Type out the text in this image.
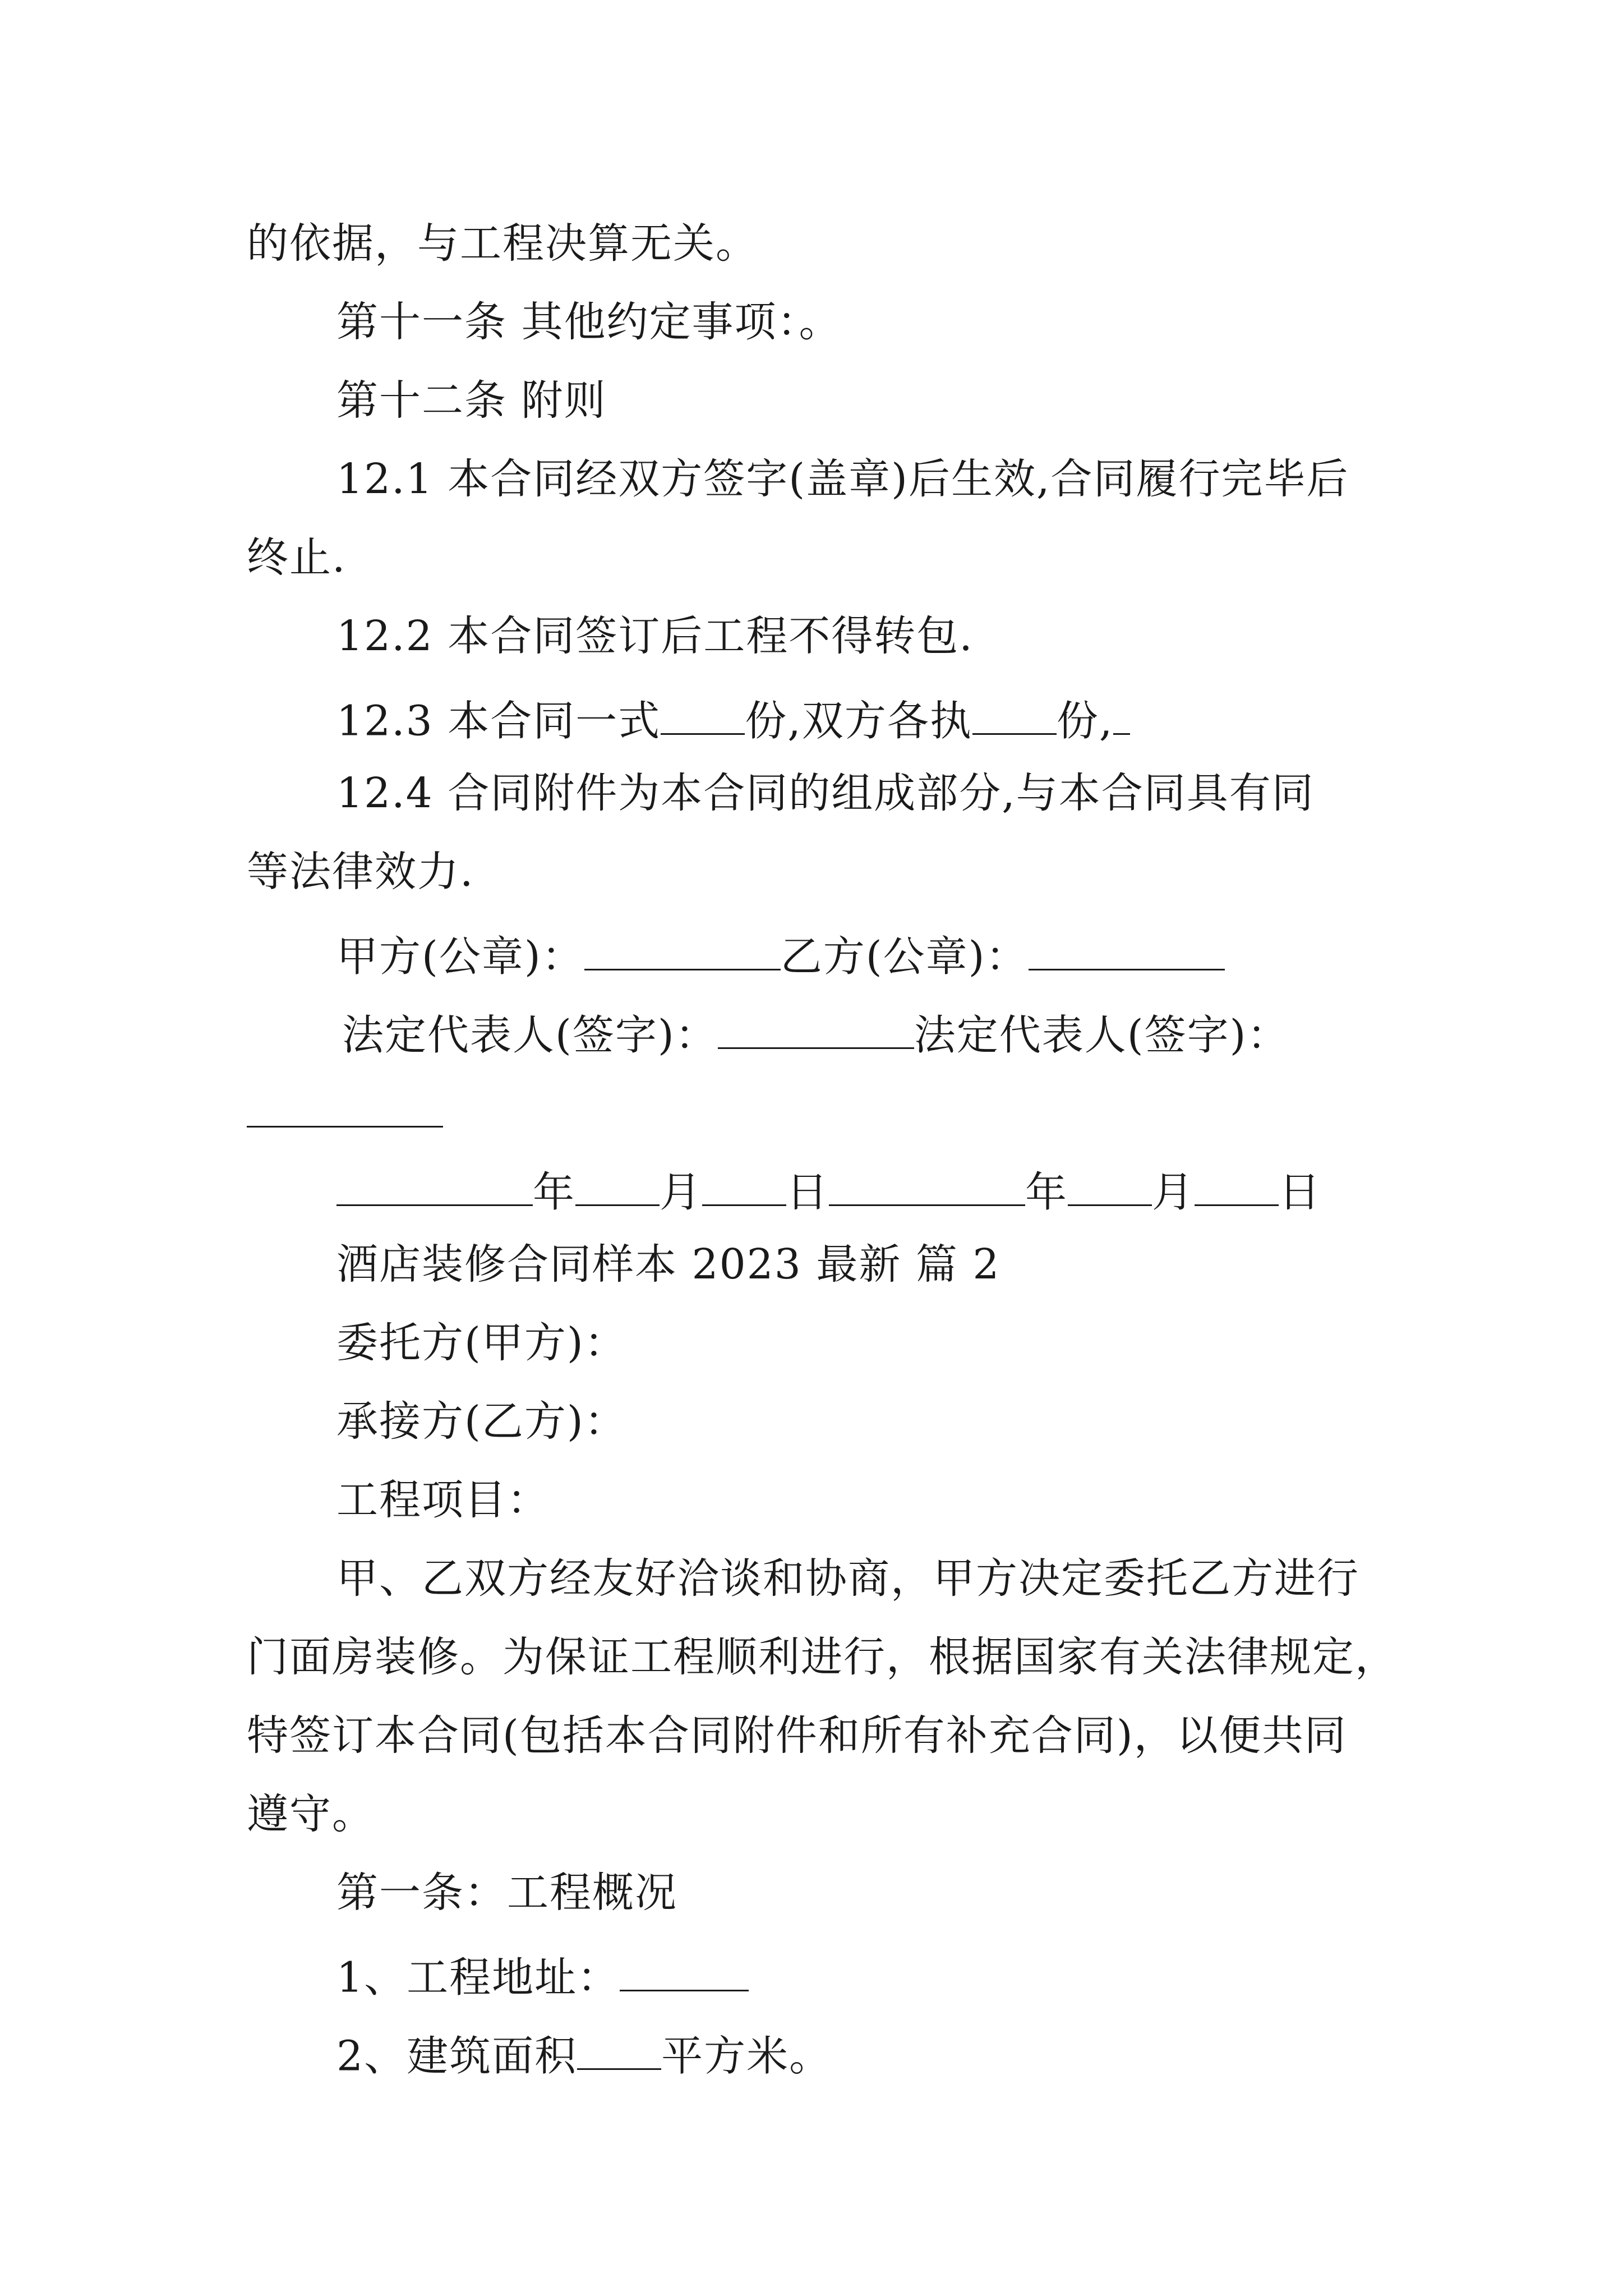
的依据，与工程决算无关。
第十一条 其他约定事项：。
第十二条 附则
12.1 本合同经双方签字(盖章)后生效,合同履行完毕后
终止.
12.2 本合同签订后工程不得转包.
12.3 本合同一式 份,双方各执 份,
12.4 合同附件为本合同的组成部分,与本合同具有同
等法律效力.
甲方(公章)：	乙方(公章)：
法定代表人(签字)：	法定代表人(签字)：
年 月 日	年 月 日
酒店装修合同样本 2023 最新 篇 2
委托方(甲方)：
承接方(乙方)：
工程项目：
甲、乙双方经友好洽谈和协商，甲方决定委托乙方进行
门面房装修。为保证工程顺利进行，根据国家有关法律规定，
特签订本合同(包括本合同附件和所有补充合同)，以便共同
遵守。
第一条：工程概况
1、工程地址：
2、建筑面积 平方米。
